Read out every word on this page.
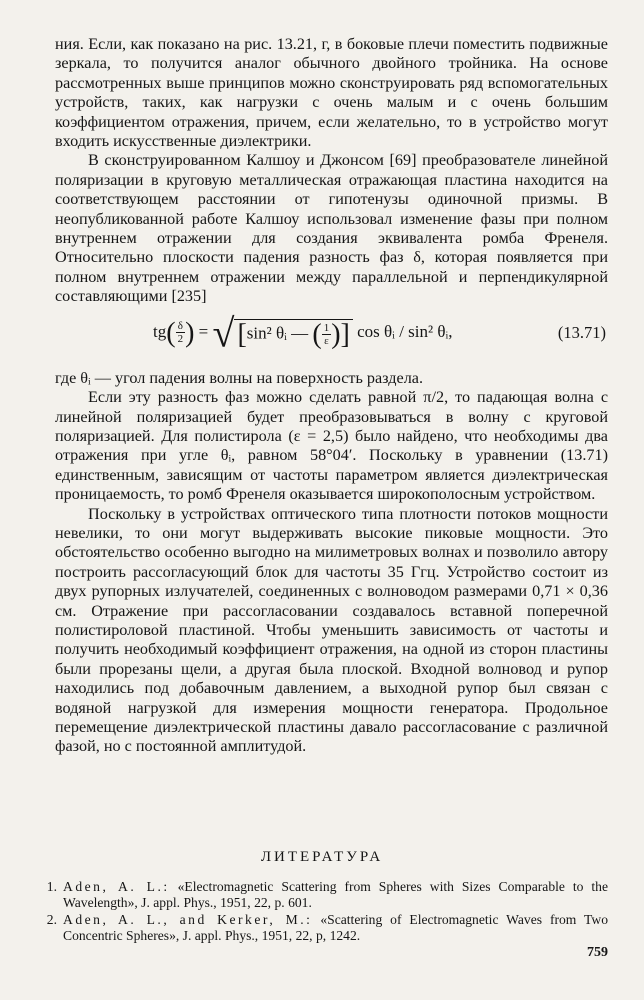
ния. Если, как показано на рис. 13.21, г, в боковые плечи поместить подвижные зеркала, то получится аналог обычного двойного тройника. На основе рассмотренных выше принципов можно сконструировать ряд вспомогательных устройств, таких, как нагрузки с очень малым и с очень большим коэффициентом отражения, причем, если желательно, то в устройство могут входить искусственные диэлектрики.

В сконструированном Калшоу и Джонсом [69] преобразователе линейной поляризации в круговую металлическая отражающая пластина находится на соответствующем расстоянии от гипотенузы одиночной призмы. В неопубликованной работе Калшоу использовал изменение фазы при полном внутреннем отражении для создания эквивалента ромба Френеля. Относительно плоскости падения разность фаз δ, которая появляется при полном внутреннем отражении между параллельной и перпендикулярной составляющими [235]

$tg( \frac{\delta}{2}$ ) = √ [sin² θᵢ — ( $\frac{1}{\varepsilon}$ )] cos θᵢ / sin² θᵢ,	(13.71)

где θᵢ — угол падения волны на поверхность раздела.

Если эту разность фаз можно сделать равной π/2, то падающая волна с линейной поляризацией будет преобразовываться в волну с круговой поляризацией. Для полистирола (ε = 2,5) было найдено, что необходимы два отражения при угле θᵢ, равном 58°04′. Поскольку в уравнении (13.71) единственным, зависящим от частоты параметром является диэлектрическая проницаемость, то ромб Френеля оказывается широкополосным устройством.

Поскольку в устройствах оптического типа плотности потоков мощности невелики, то они могут выдерживать высокие пиковые мощности. Это обстоятельство особенно выгодно на милиметровых волнах и позволило автору построить рассогласующий блок для частоты 35 Ггц. Устройство состоит из двух рупорных излучателей, соединенных с волноводом размерами 0,71 × 0,36 см. Отражение при рассогласовании создавалось вставной поперечной полистироловой пластиной. Чтобы уменьшить зависимость от частоты и получить необходимый коэффициент отражения, на одной из сторон пластины были прорезаны щели, а другая была плоской. Входной волновод и рупор находились под добавочным давлением, а выходной рупор был связан с водяной нагрузкой для измерения мощности генератора. Продольное перемещение диэлектрической пластины давало рассогласование с различной фазой, но с постоянной амплитудой.

ЛИТЕРАТУРА
1. Aden, A. L.: «Electromagnetic Scattering from Spheres with Sizes Comparable to the Wavelength», J. appl. Phys., 1951, 22, p. 601.
2. Aden, A. L., and Kerker, M.: «Scattering of Electromagnetic Waves from Two Concentric Spheres», J. appl. Phys., 1951, 22, p, 1242.
759
